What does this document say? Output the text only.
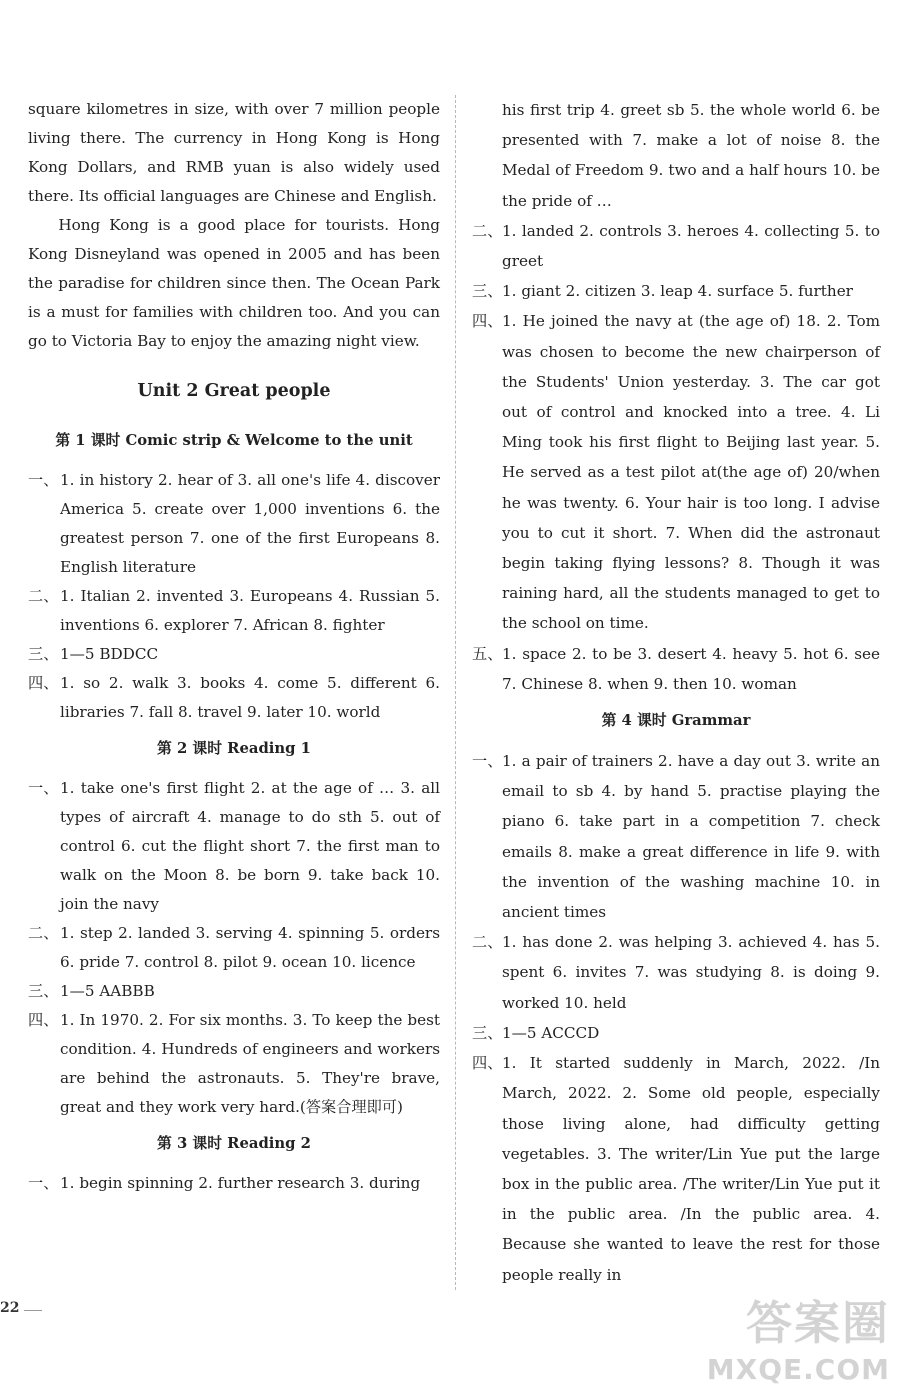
square kilometres in size, with over 7 million people living there. The currency in Hong Kong is Hong Kong Dollars, and RMB yuan is also widely used there. Its official languages are Chinese and English.

Hong Kong is a good place for tourists. Hong Kong Disneyland was opened in 2005 and has been the paradise for children since then. The Ocean Park is a must for families with children too. And you can go to Victoria Bay to enjoy the amazing night view.

Unit 2 Great people
第 1 课时 Comic strip & Welcome to the unit
一、 1. in history 2. hear of 3. all one's life 4. discover America 5. create over 1,000 inventions 6. the greatest person 7. one of the first Europeans 8. English literature
二、 1. Italian 2. invented 3. Europeans 4. Russian 5. inventions 6. explorer 7. African 8. fighter
三、 1—5 BDDCC
四、 1. so 2. walk 3. books 4. come 5. different 6. libraries 7. fall 8. travel 9. later 10. world
第 2 课时 Reading 1
一、 1. take one's first flight 2. at the age of … 3. all types of aircraft 4. manage to do sth 5. out of control 6. cut the flight short 7. the first man to walk on the Moon 8. be born 9. take back 10. join the navy
二、 1. step 2. landed 3. serving 4. spinning 5. orders 6. pride 7. control 8. pilot 9. ocean 10. licence
三、 1—5 AABBB
四、 1. In 1970. 2. For six months. 3. To keep the best condition. 4. Hundreds of engineers and workers are behind the astronauts. 5. They're brave, great and they work very hard.(答案合理即可)
第 3 课时 Reading 2
一、 1. begin spinning 2. further research 3. during
his first trip 4. greet sb 5. the whole world 6. be presented with 7. make a lot of noise 8. the Medal of Freedom 9. two and a half hours 10. be the pride of …
二、 1. landed 2. controls 3. heroes 4. collecting 5. to greet
三、 1. giant 2. citizen 3. leap 4. surface 5. further
四、 1. He joined the navy at (the age of) 18. 2. Tom was chosen to become the new chairperson of the Students' Union yesterday. 3. The car got out of control and knocked into a tree. 4. Li Ming took his first flight to Beijing last year. 5. He served as a test pilot at(the age of) 20/when he was twenty. 6. Your hair is too long. I advise you to cut it short. 7. When did the astronaut begin taking flying lessons? 8. Though it was raining hard, all the students managed to get to the school on time.
五、 1. space 2. to be 3. desert 4. heavy 5. hot 6. see 7. Chinese 8. when 9. then 10. woman
第 4 课时 Grammar
一、 1. a pair of trainers 2. have a day out 3. write an email to sb 4. by hand 5. practise playing the piano 6. take part in a competition 7. check emails 8. make a great difference in life 9. with the invention of the washing machine 10. in ancient times
二、 1. has done 2. was helping 3. achieved 4. has 5. spent 6. invites 7. was studying 8. is doing 9. worked 10. held
三、 1—5 ACCCD
四、 1. It started suddenly in March, 2022. /In March, 2022. 2. Some old people, especially those living alone, had difficulty getting vegetables. 3. The writer/Lin Yue put the large box in the public area. /The writer/Lin Yue put it in the public area. /In the public area. 4. Because she wanted to leave the rest for those people really in
22	答案圈
MXQE.COM
